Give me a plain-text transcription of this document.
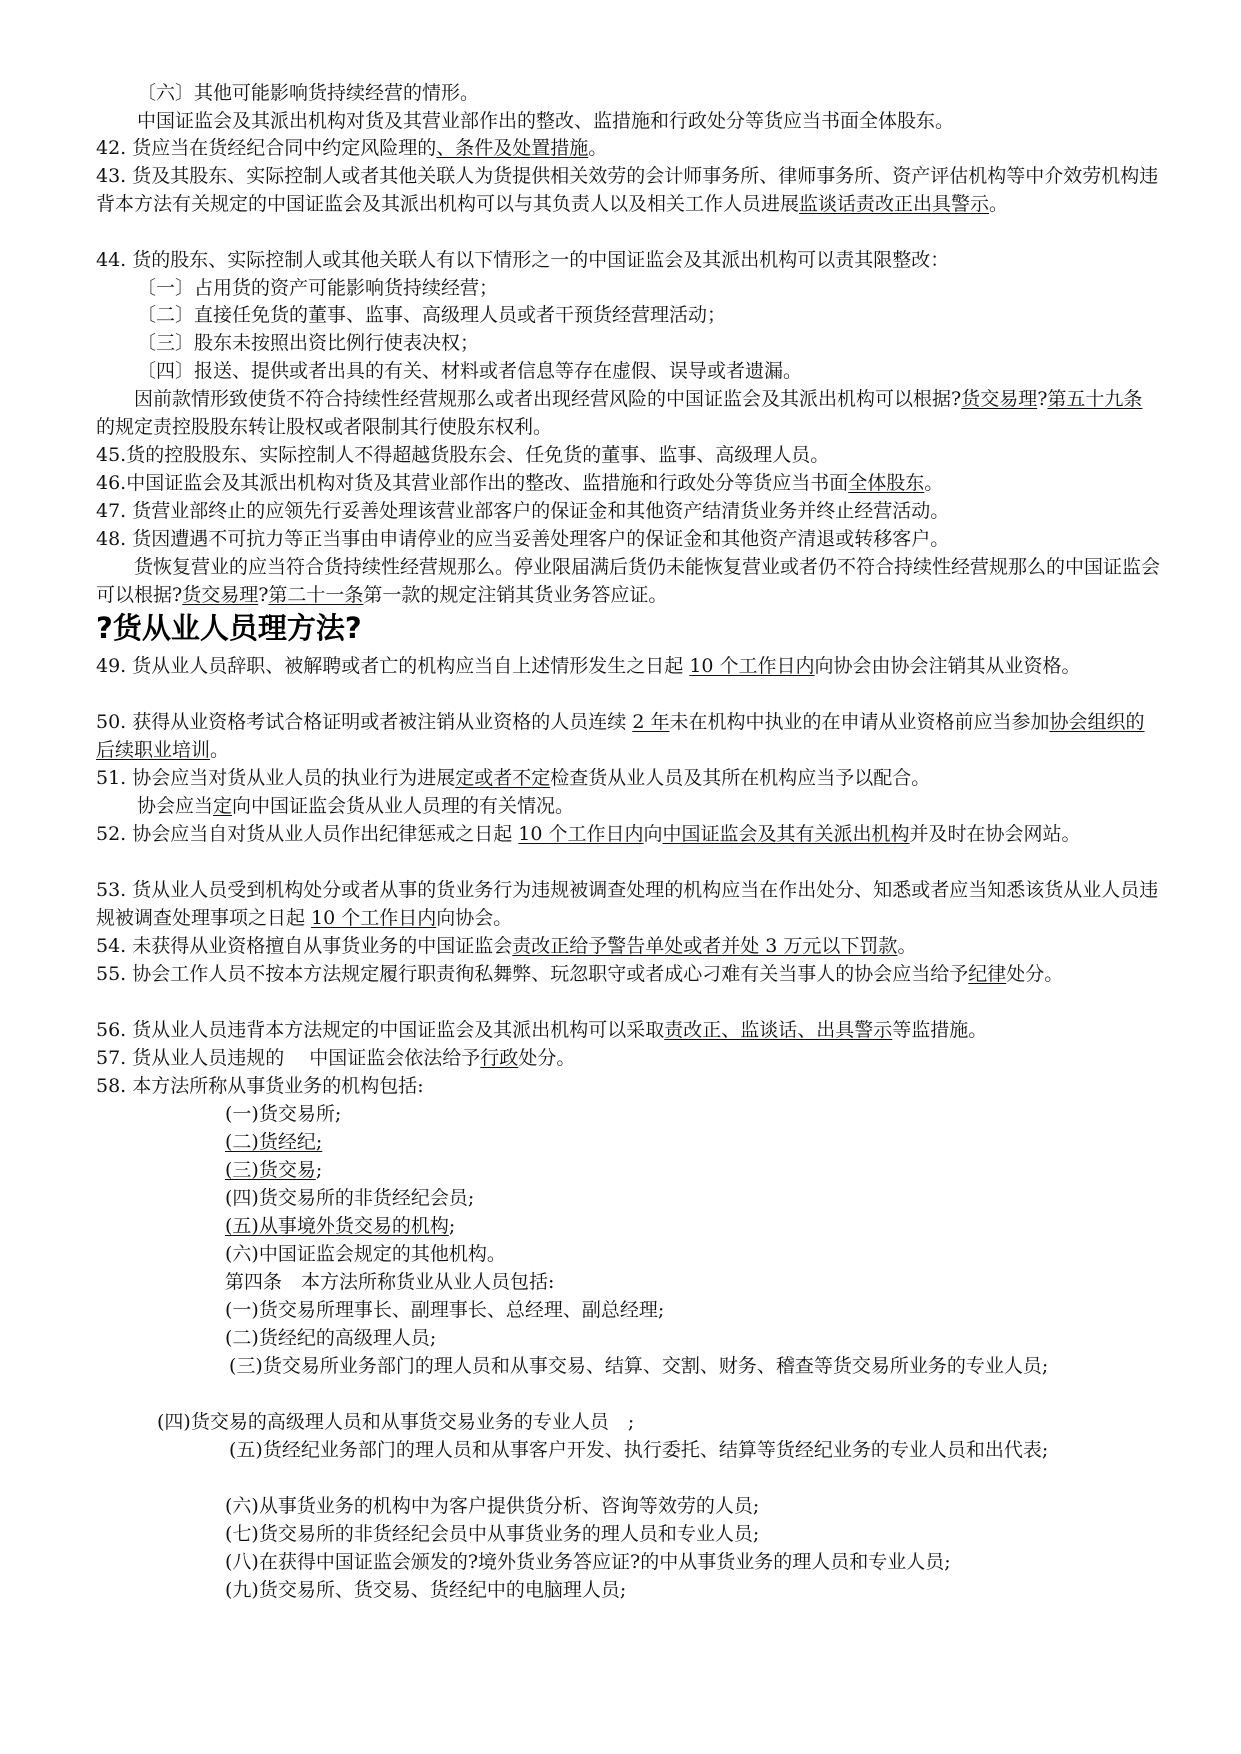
〔六〕其他可能影响货持续经营的情形。
中国证监会及其派出机构对货及其营业部作出的整改、监措施和行政处分等货应当书面全体股东。
42. 货应当在货经纪合同中约定风险理的、条件及处置措施。
43. 货及其股东、实际控制人或者其他关联人为货提供相关效劳的会计师事务所、律师事务所、资产评估机构等中介效劳机构违背本方法有关规定的中国证监会及其派出机构可以与其负责人以及相关工作人员进展监谈话责改正出具警示。
44. 货的股东、实际控制人或其他关联人有以下情形之一的中国证监会及其派出机构可以责其限整改：
〔一〕占用货的资产可能影响货持续经营；
〔二〕直接任免货的董事、监事、高级理人员或者干预货经营理活动；
〔三〕股东未按照出资比例行使表决权；
〔四〕报送、提供或者出具的有关、材料或者信息等存在虚假、误导或者遗漏。
　　因前款情形致使货不符合持续性经营规那么或者出现经营风险的中国证监会及其派出机构可以根据?货交易理?第五十九条的规定责控股股东转让股权或者限制其行使股东权利。
45.货的控股股东、实际控制人不得超越货股东会、任免货的董事、监事、高级理人员。
46.中国证监会及其派出机构对货及其营业部作出的整改、监措施和行政处分等货应当书面全体股东。
47. 货营业部终止的应领先行妥善处理该营业部客户的保证金和其他资产结清货业务并终止经营活动。
48. 货因遭遇不可抗力等正当事由申请停业的应当妥善处理客户的保证金和其他资产清退或转移客户。
　　货恢复营业的应当符合货持续性经营规那么。停业限届满后货仍未能恢复营业或者仍不符合持续性经营规那么的中国证监会可以根据?货交易理?第二十一条第一款的规定注销其货业务答应证。
?货从业人员理方法?
49. 货从业人员辞职、被解聘或者亡的机构应当自上述情形发生之日起 10 个工作日内向协会由协会注销其从业资格。
50. 获得从业资格考试合格证明或者被注销从业资格的人员连续 2 年未在机构中执业的在申请从业资格前应当参加协会组织的后续职业培训。
51. 协会应当对货从业人员的执业行为进展定或者不定检查货从业人员及其所在机构应当予以配合。
协会应当定向中国证监会货从业人员理的有关情况。
52. 协会应当自对货从业人员作出纪律惩戒之日起 10 个工作日内向中国证监会及其有关派出机构并及时在协会网站。
53. 货从业人员受到机构处分或者从事的货业务行为违规被调查处理的机构应当在作出处分、知悉或者应当知悉该货从业人员违规被调查处理事项之日起 10 个工作日内向协会。
54. 未获得从业资格擅自从事货业务的中国证监会责改正给予警告单处或者并处 3 万元以下罚款。
55. 协会工作人员不按本方法规定履行职责徇私舞弊、玩忽职守或者成心刁难有关当事人的协会应当给予纪律处分。
56. 货从业人员违背本方法规定的中国证监会及其派出机构可以采取责改正、监谈话、出具警示等监措施。
57. 货从业人员违规的　 中国证监会依法给予行政处分。
58. 本方法所称从事货业务的机构包括:
(一)货交易所;
(二)货经纪;
(三)货交易;
(四)货交易所的非货经纪会员;
(五)从事境外货交易的机构;
(六)中国证监会规定的其他机构。
第四条　本方法所称货业从业人员包括:
(一)货交易所理事长、副理事长、总经理、副总经理;
(二)货经纪的高级理人员;
　　　　　　　(三)货交易所业务部门的理人员和从事交易、结算、交割、财务、稽查等货交易所业务的专业人员;
(四)货交易的高级理人员和从事货交易业务的专业人员　;
　　　　　　　(五)货经纪业务部门的理人员和从事客户开发、执行委托、结算等货经纪业务的专业人员和出代表;
(六)从事货业务的机构中为客户提供货分析、咨询等效劳的人员;
(七)货交易所的非货经纪会员中从事货业务的理人员和专业人员;
(八)在获得中国证监会颁发的?境外货业务答应证?的中从事货业务的理人员和专业人员;
(九)货交易所、货交易、货经纪中的电脑理人员;
